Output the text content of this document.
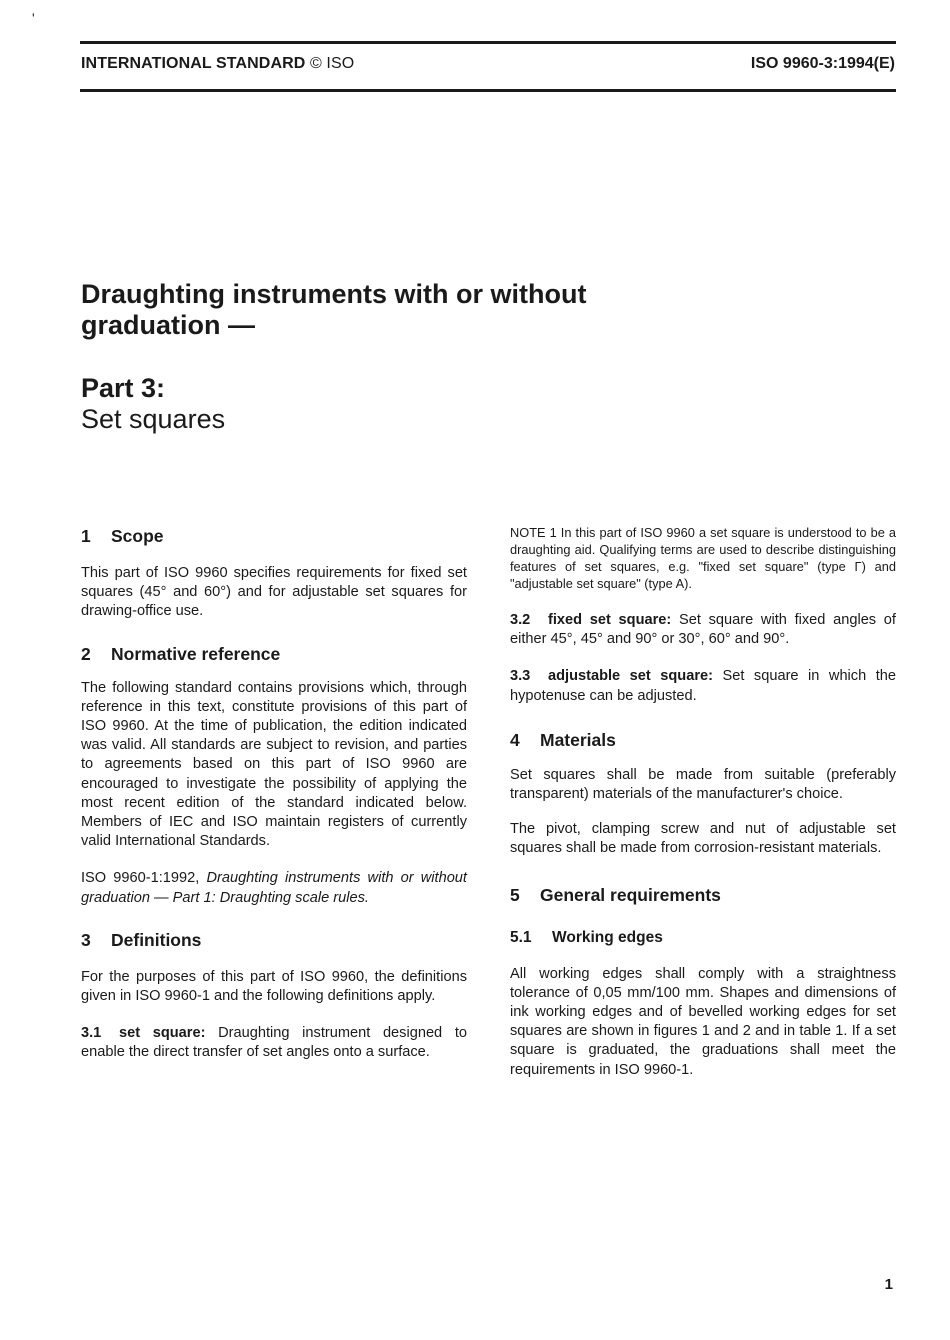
'
INTERNATIONAL STANDARD © ISO	ISO 9960-3:1994(E)
Draughting instruments with or without graduation —
Part 3:
Set squares
1 Scope

This part of ISO 9960 specifies requirements for fixed set squares (45° and 60°) and for adjustable set squares for drawing-office use.

2 Normative reference

The following standard contains provisions which, through reference in this text, constitute provisions of this part of ISO 9960. At the time of publication, the edition indicated was valid. All standards are subject to revision, and parties to agreements based on this part of ISO 9960 are encouraged to investigate the possibility of applying the most recent edition of the standard indicated below. Members of IEC and ISO maintain registers of currently valid International Standards.

ISO 9960-1:1992, Draughting instruments with or without graduation — Part 1: Draughting scale rules.

3 Definitions

For the purposes of this part of ISO 9960, the definitions given in ISO 9960-1 and the following definitions apply.

3.1 set square: Draughting instrument designed to enable the direct transfer of set angles onto a surface.

NOTE 1 In this part of ISO 9960 a set square is understood to be a draughting aid. Qualifying terms are used to describe distinguishing features of set squares, e.g. "fixed set square" (type Γ) and "adjustable set square" (type A).

3.2 fixed set square: Set square with fixed angles of either 45°, 45° and 90° or 30°, 60° and 90°.

3.3 adjustable set square: Set square in which the hypotenuse can be adjusted.

4 Materials

Set squares shall be made from suitable (preferably transparent) materials of the manufacturer's choice.

The pivot, clamping screw and nut of adjustable set squares shall be made from corrosion-resistant materials.

5 General requirements
5.1 Working edges

All working edges shall comply with a straightness tolerance of 0,05 mm/100 mm. Shapes and dimensions of ink working edges and of bevelled working edges for set squares are shown in figures 1 and 2 and in table 1. If a set square is graduated, the graduations shall meet the requirements in ISO 9960-1.

1
